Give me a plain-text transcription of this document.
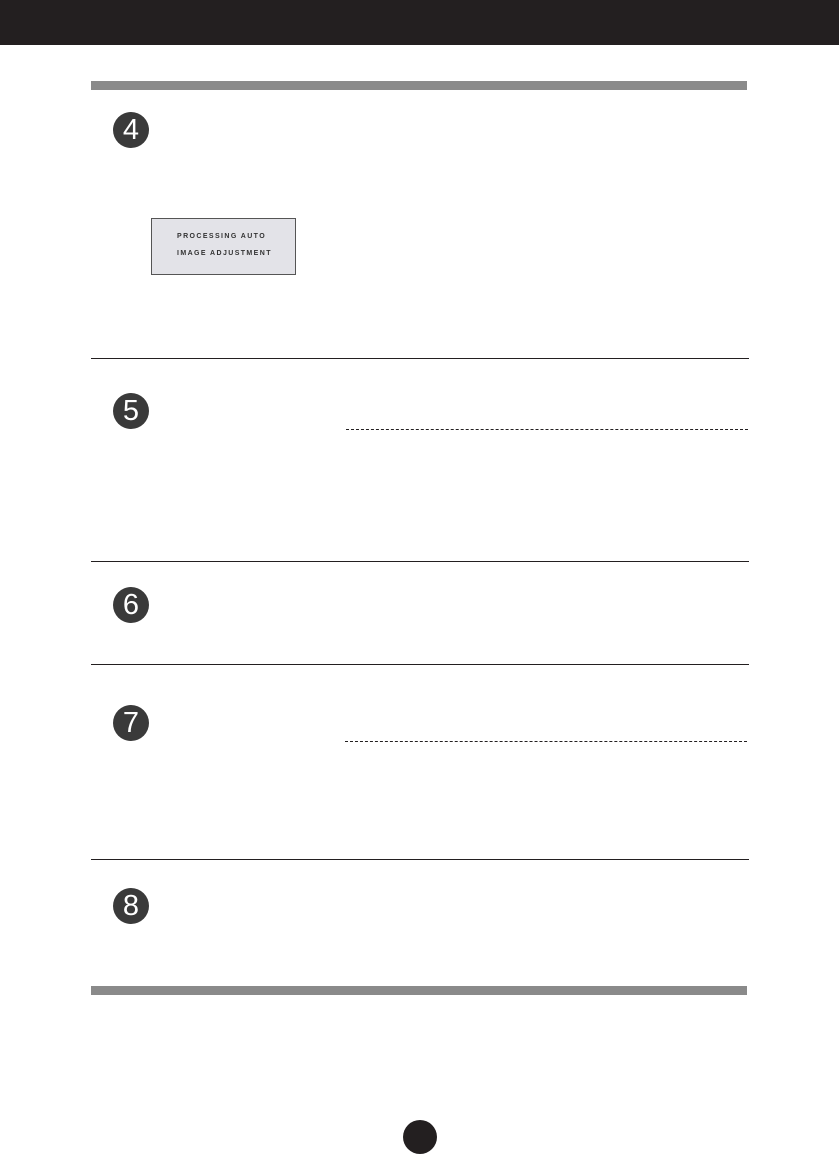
4
PROCESSING AUTO
IMAGE ADJUSTMENT
5
6
7
8
